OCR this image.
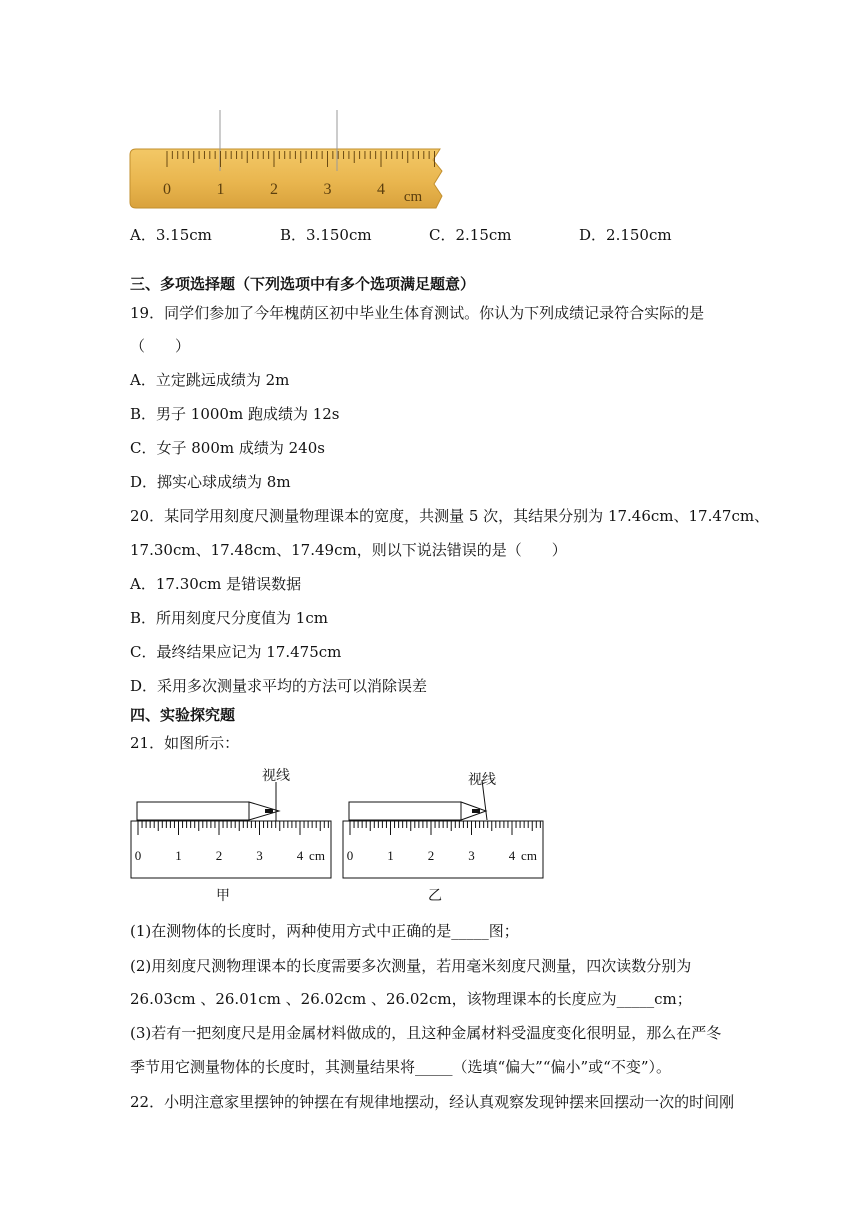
0	1	2	3	4 cm
A．3.15cm	B．3.150cm	C．2.15cm	D．2.150cm
三、多项选择题（下列选项中有多个选项满足题意）
19．同学们参加了今年槐荫区初中毕业生体育测试。你认为下列成绩记录符合实际的是
（　　）
A．立定跳远成绩为 2m
B．男子 1000m 跑成绩为 12s
C．女子 800m 成绩为 240s
D．掷实心球成绩为 8m
20．某同学用刻度尺测量物理课本的宽度，共测量 5 次，其结果分别为 17.46cm、17.47cm、
17.30cm、17.48cm、17.49cm，则以下说法错误的是（　　）
A．17.30cm 是错误数据
B．所用刻度尺分度值为 1cm
C．最终结果应记为 17.475cm
D．采用多次测量求平均的方法可以消除误差
四、实验探究题
21．如图所示：
视线
0	1	2	3	4 cm
甲
视线
0	1	2	3	4 cm
乙
(1)在测物体的长度时，两种使用方式中正确的是_____图；
(2)用刻度尺测物理课本的长度需要多次测量，若用毫米刻度尺测量，四次读数分别为
26.03cm 、26.01cm 、26.02cm 、26.02cm，该物理课本的长度应为_____cm；
(3)若有一把刻度尺是用金属材料做成的，且这种金属材料受温度变化很明显，那么在严冬
季节用它测量物体的长度时，其测量结果将_____（选填“偏大”“偏小”或“不变”）。
22．小明注意家里摆钟的钟摆在有规律地摆动，经认真观察发现钟摆来回摆动一次的时间刚
